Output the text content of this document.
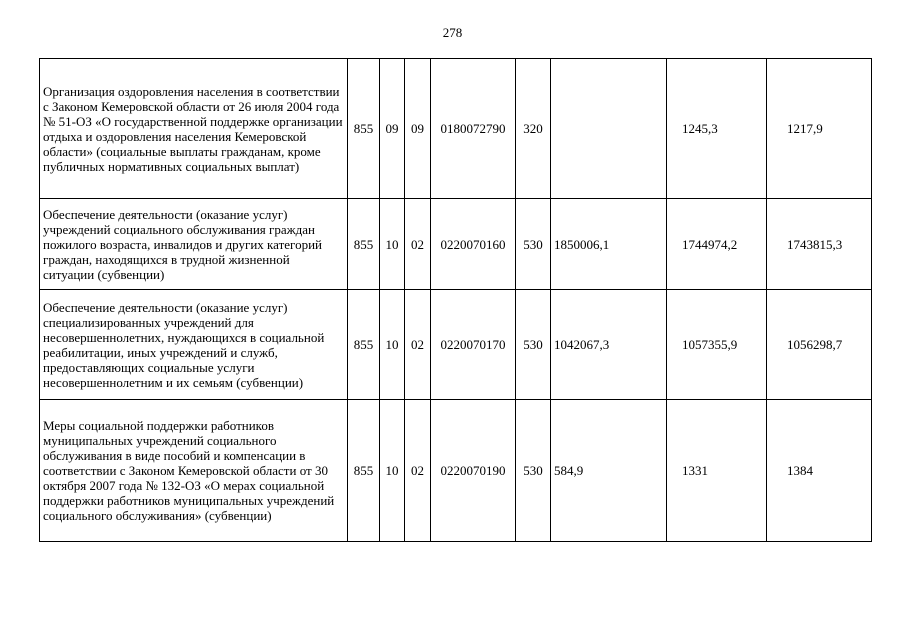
278
Организация оздоровления населения в соответствии с Законом Кемеровской области от 26 июля 2004 года № 51-ОЗ «О государственной поддержке организации отдыха и оздоровления населения Кемеровской области» (социальные выплаты гражданам, кроме публичных нормативных социальных выплат)	855	09	09	0180072790	320		1245,3	1217,9
Обеспечение деятельности (оказание услуг) учреждений социального обслуживания граждан пожилого возраста, инвалидов и других категорий граждан, находящихся в трудной жизненной ситуации (субвенции)	855	10	02	0220070160	530	1850006,1	1744974,2	1743815,3
Обеспечение деятельности (оказание услуг) специализированных учреждений для несовершеннолетних, нуждающихся в социальной реабилитации, иных учреждений и служб, предоставляющих социальные услуги несовершеннолетним и их семьям (субвенции)	855	10	02	0220070170	530	1042067,3	1057355,9	1056298,7
Меры социальной поддержки работников муниципальных учреждений социального обслуживания в виде пособий и компенсации в соответствии с Законом Кемеровской области от 30 октября 2007 года № 132-ОЗ «О мерах социальной поддержки работников муниципальных учреждений социального обслуживания» (субвенции)	855	10	02	0220070190	530	584,9	1331	1384
